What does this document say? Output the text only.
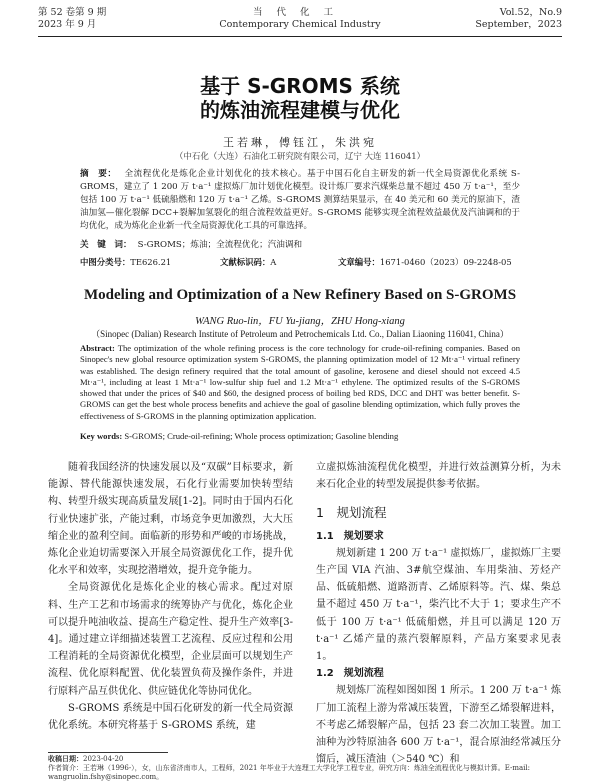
第 52 卷第 9 期
2023 年 9 月
当代化工
Contemporary Chemical Industry
Vol.52，No.9
September，2023
基于 S-GROMS 系统
的炼油流程建模与优化
王若琳，傅钰江，朱洪宛
（中石化（大连）石油化工研究院有限公司，辽宁 大连 116041）
摘　要： 全流程优化是炼化企业计划优化的技术核心。基于中国石化自主研发的新一代全局资源优化系统 S-GROMS，建立了 1 200 万 t·a⁻¹ 虚拟炼厂加计划优化模型。设计炼厂要求汽煤柴总量不超过 450 万 t·a⁻¹，至少包括 100 万 t·a⁻¹ 低硫船燃和 120 万 t·a⁻¹ 乙烯。S-GROMS 测算结果显示，在 40 美元和 60 美元的原油下，渣油加氢—催化裂解 DCC+裂解加氢裂化的组合流程效益更好。S-GROMS 能够实现全流程效益最优及汽油调和的于均优化，成为炼化企业新一代全局资源优化工具的可靠选择。
关　键　词： S-GROMS；炼油；全流程优化；汽油调和
中图分类号： TE626.21	文献标识码： A	文章编号： 1671-0460（2023）09-2248-05
Modeling and Optimization of a New Refinery Based on S-GROMS
WANG Ruo-lin，FU Yu-jiang，ZHU Hong-xiang
（Sinopec (Dalian) Research Institute of Petroleum and Petrochemicals Ltd. Co., Dalian Liaoning 116041, China）
Abstract: The optimization of the whole refining process is the core technology for crude-oil-refining companies. Based on Sinopec's new global resource optimization system S-GROMS, the planning optimization model of 12 Mt·a⁻¹ virtual refinery was established. The design refinery required that the total amount of gasoline, kerosene and diesel should not exceed 4.5 Mt·a⁻¹, including at least 1 Mt·a⁻¹ low-sulfur ship fuel and 1.2 Mt·a⁻¹ ethylene. The optimized results of the S-GROMS showed that under the prices of $40 and $60, the designed process of boiling bed RDS, DCC and DHT was better benefit. S-GROMS can get the best whole process benefits and achieve the goal of gasoline blending optimization, which fully proves the effectiveness of S-GROMS in the planning optimization application.
Key words: S-GROMS; Crude-oil-refining; Whole process optimization; Gasoline blending

随着我国经济的快速发展以及“双碳”目标要求，新能源、替代能源快速发展，石化行业需要加快转型结构、转型升级实现高质量发展[1-2]。同时由于国内石化行业快速扩张，产能过剩，市场竞争更加激烈，大大压缩企业的盈利空间。面临新的形势和严峻的市场挑战，炼化企业迫切需要深入开展全局资源优化工作，提升优化水平和效率，实现挖潜增效，提升竞争能力。

全局资源优化是炼化企业的核心需求。配过对原料、生产工艺和市场需求的统筹协产与优化，炼化企业可以提升吨油收益、提高生产稳定性、提升生产效率[3-4]。通过建立详细描述装置工艺流程、反应过程和公用工程消耗的全局资源优化模型，企业层面可以规划生产流程、优化原料配置、优化装置负荷及操作条件，并进行原料产品互供优化、供应链优化等协同优化。

S-GROMS 系统是中国石化研发的新一代全局资源优化系统。本研究将基于 S-GROMS 系统，建

立虚拟炼油流程优化模型，并进行效益测算分析，为未来石化企业的转型发展提供参考依据。

1　规划流程
1.1　规划要求

规划新建 1 200 万 t·a⁻¹ 虚拟炼厂，虚拟炼厂主要生产国 VIA 汽油、3#航空煤油、车用柴油、芳烃产品、低硫船燃、道路沥青、乙烯原料等。汽、煤、柴总量不超过 450 万 t·a⁻¹，柴汽比不大于 1；要求生产不低于 100 万 t·a⁻¹ 低硫船燃，并且可以满足 120 万 t·a⁻¹ 乙烯产量的蒸汽裂解原料，产品方案要求见表 1。

1.2　规划流程

规划炼厂流程如图如图 1 所示。1 200 万 t·a⁻¹ 炼厂加工流程上游为常减压装置，下游至乙烯裂解进料，不考虑乙烯裂解产品，包括 23 套二次加工装置。加工油种为沙特原油各 600 万 t·a⁻¹，混合原油经常减压分馏后，减压渣油（＞540 ℃）和

收稿日期：2023-04-20
作者简介：王若琳（1996-），女，山东省济南市人，工程师，2021 年毕业于大连理工大学化学工程专业，研究方向：炼油全流程优化与模拟计算。E-mail: wangruolin.fshy@sinopec.com。
